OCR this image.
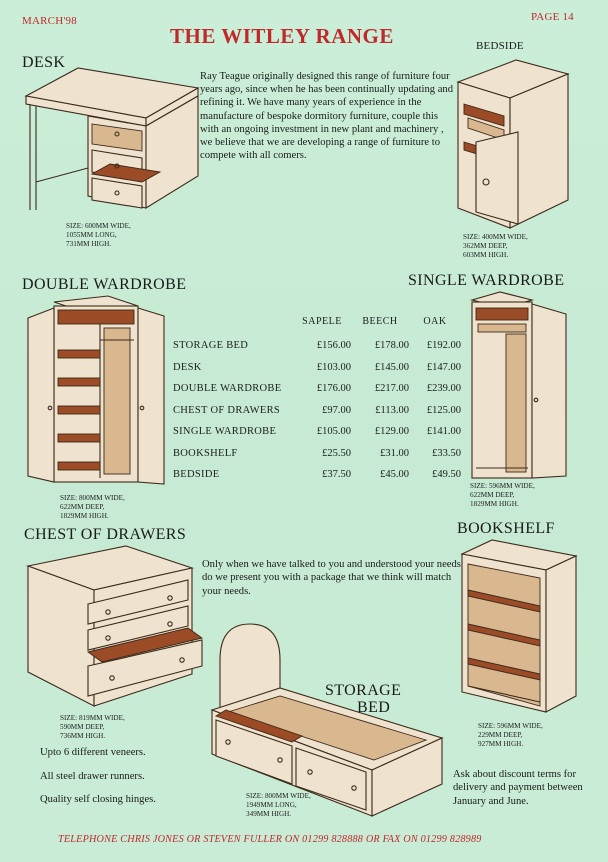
MARCH'98	PAGE 14
THE WITLEY RANGE
DESK
SIZE: 600MM WIDE,
1055MM LONG,
731MM HIGH.
Ray Teague originally designed this range of furniture four years ago, since when he has been continually updating and refining it. We have many years of experience in the manufacture of bespoke dormitory furniture, couple this with an ongoing investment in new plant and machinery , we believe that we are developing a range of furniture to compete with all comers.
BEDSIDE
SIZE: 400MM WIDE,
362MM DEEP,
603MM HIGH.
DOUBLE WARDROBE
SIZE: 800MM WIDE,
622MM DEEP,
1829MM HIGH.
	SAPELE	BEECH	OAK
STORAGE BED	£156.00	£178.00	£192.00
DESK	£103.00	£145.00	£147.00
DOUBLE WARDROBE	£176.00	£217.00	£239.00
CHEST OF DRAWERS	£97.00	£113.00	£125.00
SINGLE WARDROBE	£105.00	£129.00	£141.00
BOOKSHELF	£25.50	£31.00	£33.50
BEDSIDE	£37.50	£45.00	£49.50
SINGLE WARDROBE
SIZE: 596MM WIDE,
622MM DEEP,
1829MM HIGH.
CHEST OF DRAWERS
SIZE: 819MM WIDE,
590MM DEEP,
736MM HIGH.
Only when we have talked to you and understood your needs do we present you with a package that we think will match your needs.
BOOKSHELF
SIZE: 596MM WIDE,
229MM DEEP,
927MM HIGH.
STORAGE
BED
SIZE: 800MM WIDE,
1949MM LONG,
349MM HIGH.
Upto 6 different veneers.
All steel drawer runners.
Quality self closing hinges.
Ask about discount terms for delivery and payment between January and June.
TELEPHONE CHRIS JONES OR STEVEN FULLER ON 01299 828888 OR FAX ON 01299 828989
